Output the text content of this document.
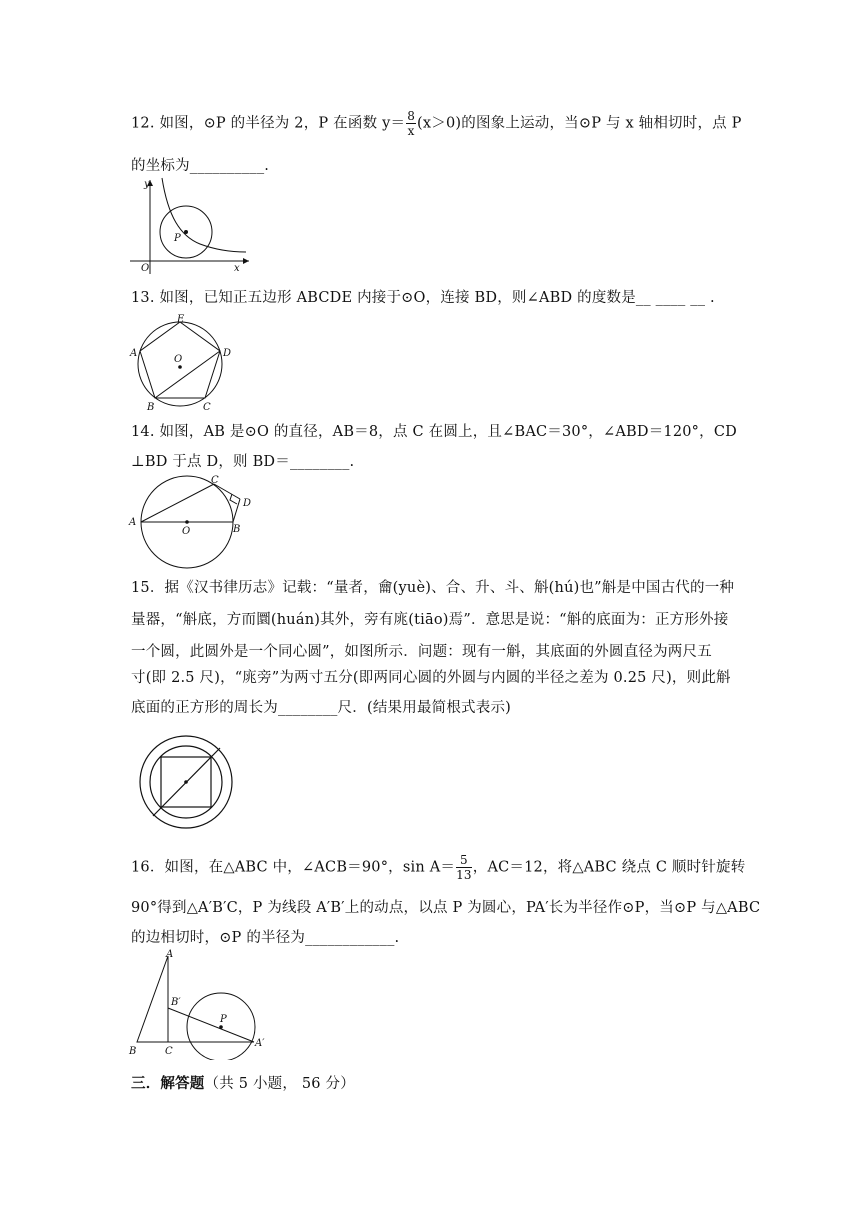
12. 如图，⊙P 的半径为 2，P 在函数 $y= \frac{8}{x} (x>0)$的图象上运动，当⊙P 与 x 轴相切时，点 P
的坐标为__________.
y
x
O
P
13. 如图，已知正五边形 ABCDE 内接于⊙O，连接 BD，则∠ABD 的度数是__ ____ __ .
E
D
A
B	C
O
14. 如图，AB 是⊙O 的直径，AB＝8，点 C 在圆上，且∠BAC＝30°，∠ABD＝120°，CD
⊥BD 于点 D，则 BD＝________.
A
B
C
D
O
15．据《汉书律历志》记载：“量者，龠(yuè)、合、升、斗、斛(hú)也”斛是中国古代的一种
量器，“斛底，方而圜(huán)其外，旁有庣(tiāo)焉”．意思是说：“斛的底面为：正方形外接
一个圆，此圆外是一个同心圆”，如图所示．问题：现有一斛，其底面的外圆直径为两尺五
寸(即 2.5 尺)，“庣旁”为两寸五分(即两同心圆的外圆与内圆的半径之差为 0.25 尺)，则此斛
底面的正方形的周长为________尺．(结果用最简根式表示)
16．如图，在△ABC 中，∠ACB＝90°，$\sin A= \frac{5}{13}$ ，AC＝12，将△ABC 绕点 C 顺时针旋转
90°得到△A′B′C，P 为线段 A′B′上的动点，以点 P 为圆心，PA′长为半径作⊙P，当⊙P 与△ABC
的边相切时，⊙P 的半径为____________.
A
B	C
B′
A′
P
三．解答题（共 5 小题， 56 分）
